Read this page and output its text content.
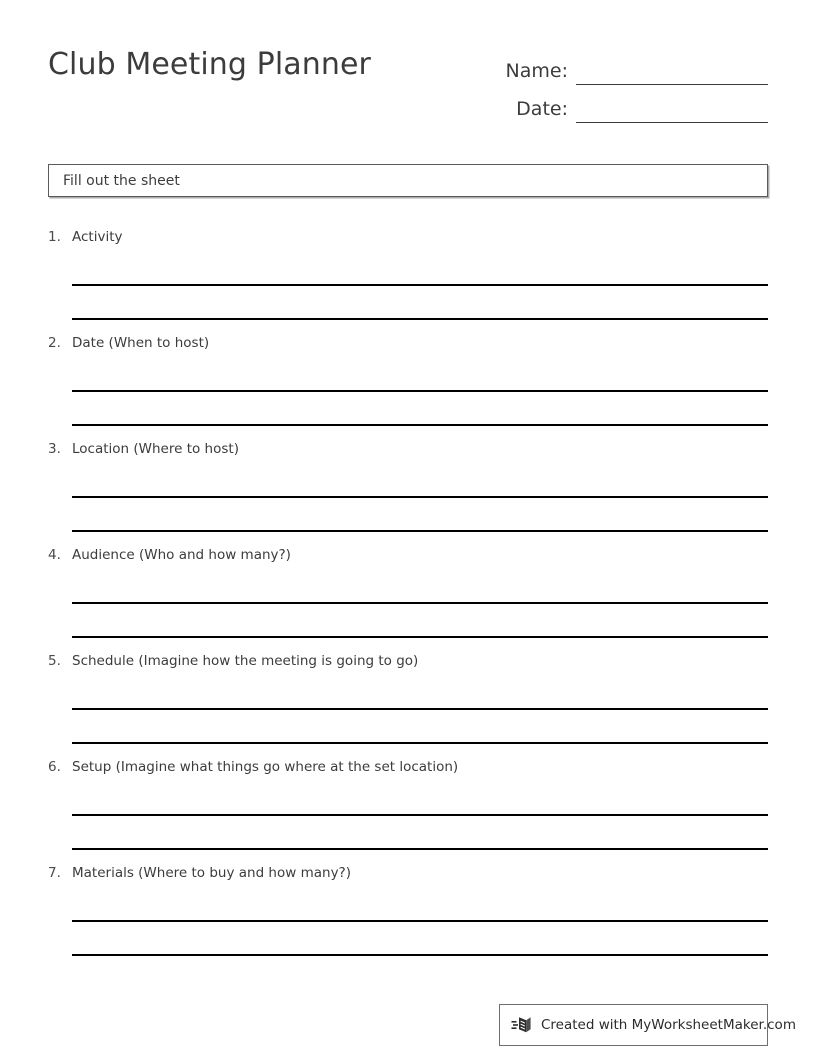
Club Meeting Planner	Name:
Date:
Fill out the sheet
1. Activity
2. Date (When to host)
3. Location (Where to host)
4. Audience (Who and how many?)
5. Schedule (Imagine how the meeting is going to go)
6. Setup (Imagine what things go where at the set location)
7. Materials (Where to buy and how many?)
Created with MyWorksheetMaker.com
